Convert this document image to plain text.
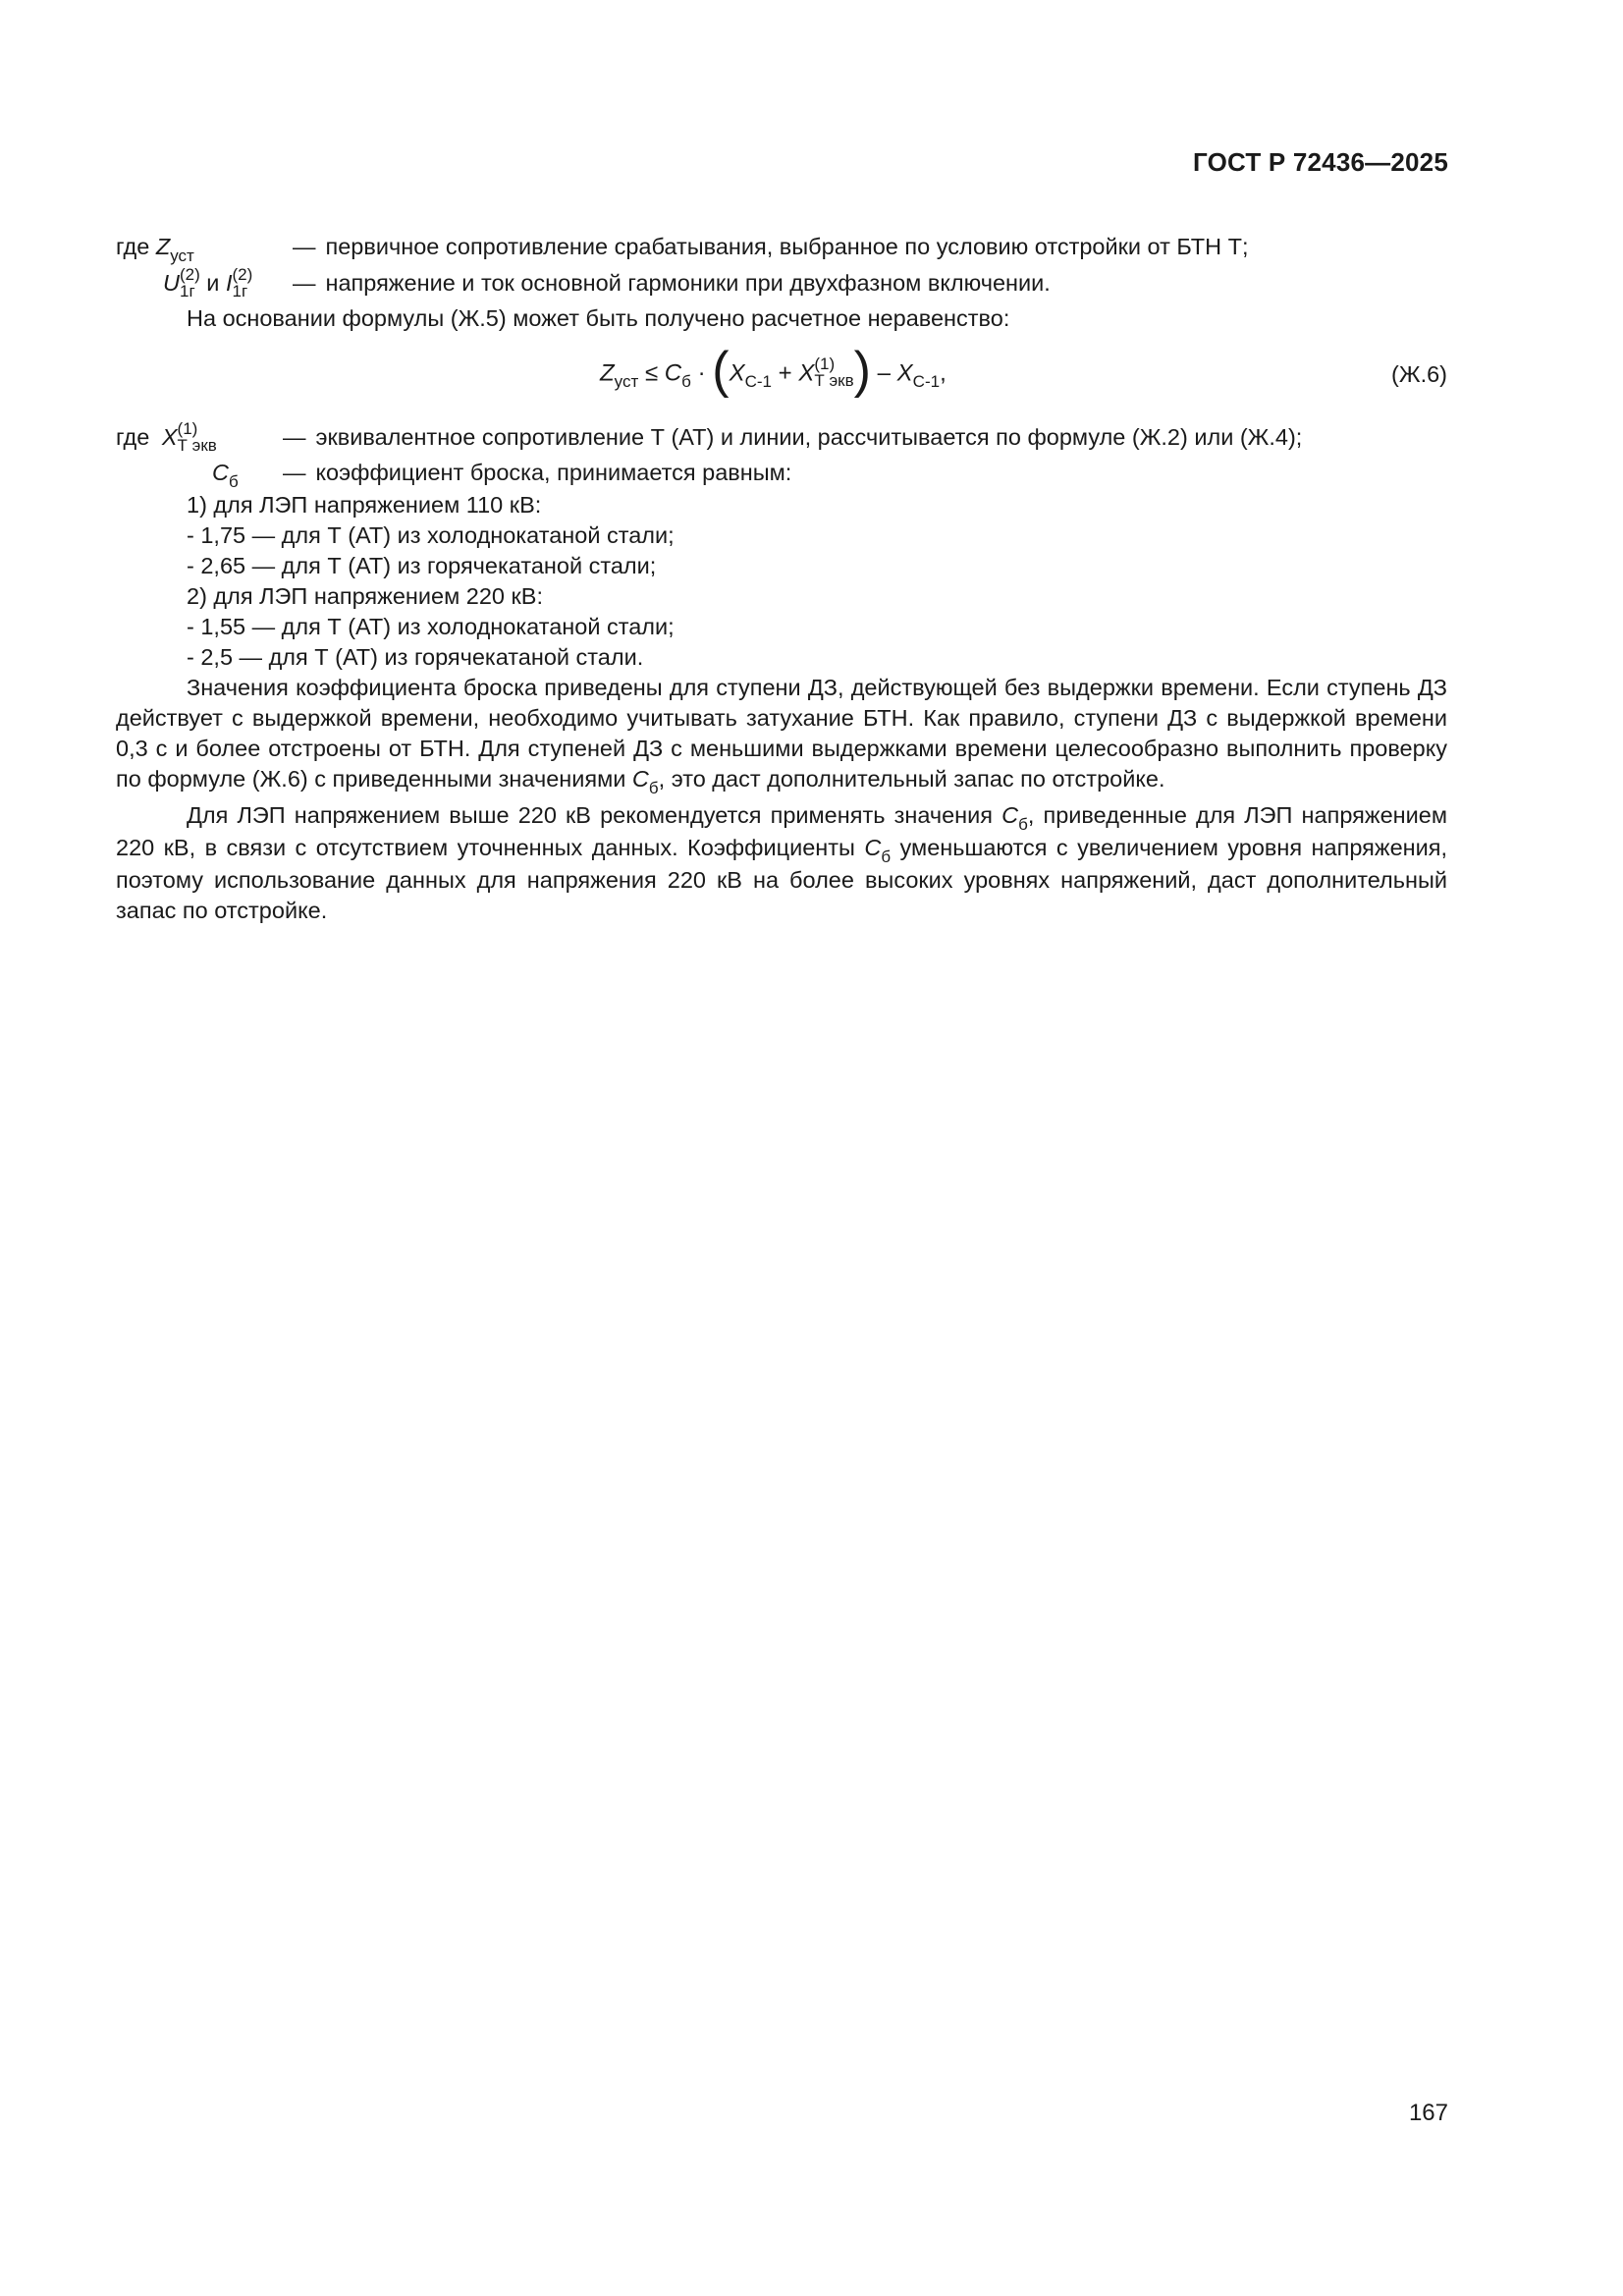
ГОСТ Р 72436—2025
где $Z_{уст}$	— первичное сопротивление срабатывания, выбранное по условию отстройки от БТН Т;
U (2)
1г и I (2)
1г	— напряжение и ток основной гармоники при двухфазном включении.

На основании формулы (Ж.5) может быть получено расчетное неравенство:

$Z_{уст} \le C_б \cdot (X_{С-1} + X$ (1)
Т экв ) – $X_{С-1}$,	(Ж.6)
где X (1)
Т экв	— эквивалентное сопротивление Т (АТ) и линии, рассчитывается по формуле (Ж.2) или (Ж.4);
$C_б$	— коэффициент броска, принимается равным:

1) для ЛЭП напряжением 110 кВ:

- 1,75 — для Т (АТ) из холоднокатаной стали;

- 2,65 — для Т (АТ) из горячекатаной стали;

2) для ЛЭП напряжением 220 кВ:

- 1,55 — для Т (АТ) из холоднокатаной стали;

- 2,5 — для Т (АТ) из горячекатаной стали.

Значения коэффициента броска приведены для ступени ДЗ, действующей без выдержки времени. Если ступень ДЗ действует с выдержкой времени, необходимо учитывать затухание БТН. Как правило, ступени ДЗ с выдержкой времени 0,3 с и более отстроены от БТН. Для ступеней ДЗ с меньшими выдержками времени целесообразно выполнить проверку по формуле (Ж.6) с приведенными значениями $C_б$, это даст дополнительный запас по отстройке.

Для ЛЭП напряжением выше 220 кВ рекомендуется применять значения $C_б$, приведенные для ЛЭП напряжением 220 кВ, в связи с отсутствием уточненных данных. Коэффициенты $C_б$ уменьшаются с увеличением уровня напряжения, поэтому использование данных для напряжения 220 кВ на более высоких уровнях напряжений, даст дополнительный запас по отстройке.

167
